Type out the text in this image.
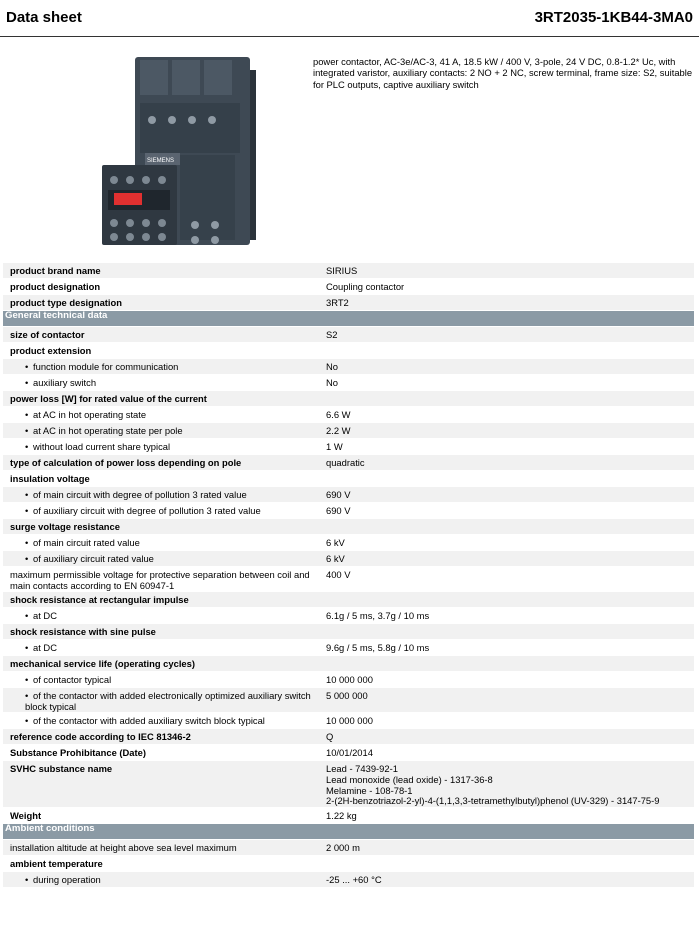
Data sheet	3RT2035-1KB44-3MA0
SIEMENS
power contactor, AC-3e/AC-3, 41 A, 18.5 kW / 400 V, 3-pole, 24 V DC, 0.8-1.2* Uc, with integrated varistor, auxiliary contacts: 2 NO + 2 NC, screw terminal, frame size: S2, suitable for PLC outputs, captive auxiliary switch
product brand name	SIRIUS
product designation	Coupling contactor
product type designation	3RT2
General technical data	
size of contactor	S2
product extension	
• function module for communication	No
• auxiliary switch	No
power loss [W] for rated value of the current	
• at AC in hot operating state	6.6 W
• at AC in hot operating state per pole	2.2 W
• without load current share typical	1 W
type of calculation of power loss depending on pole	quadratic
insulation voltage	
• of main circuit with degree of pollution 3 rated value	690 V
• of auxiliary circuit with degree of pollution 3 rated value	690 V
surge voltage resistance	
• of main circuit rated value	6 kV
• of auxiliary circuit rated value	6 kV
maximum permissible voltage for protective separation between coil and main contacts according to EN 60947-1	400 V
shock resistance at rectangular impulse	
• at DC	6.1g / 5 ms, 3.7g / 10 ms
shock resistance with sine pulse	
• at DC	9.6g / 5 ms, 5.8g / 10 ms
mechanical service life (operating cycles)	
• of contactor typical	10 000 000
• of the contactor with added electronically optimized auxiliary switch block typical	5 000 000
• of the contactor with added auxiliary switch block typical	10 000 000
reference code according to IEC 81346-2	Q
Substance Prohibitance (Date)	10/01/2014
SVHC substance name	Lead - 7439-92-1
Lead monoxide (lead oxide) - 1317-36-8
Melamine - 108-78-1
2-(2H-benzotriazol-2-yl)-4-(1,1,3,3-tetramethylbutyl)phenol (UV-329) - 3147-75-9
Weight	1.22 kg
Ambient conditions	
installation altitude at height above sea level maximum	2 000 m
ambient temperature	
• during operation	-25 ... +60 °C
